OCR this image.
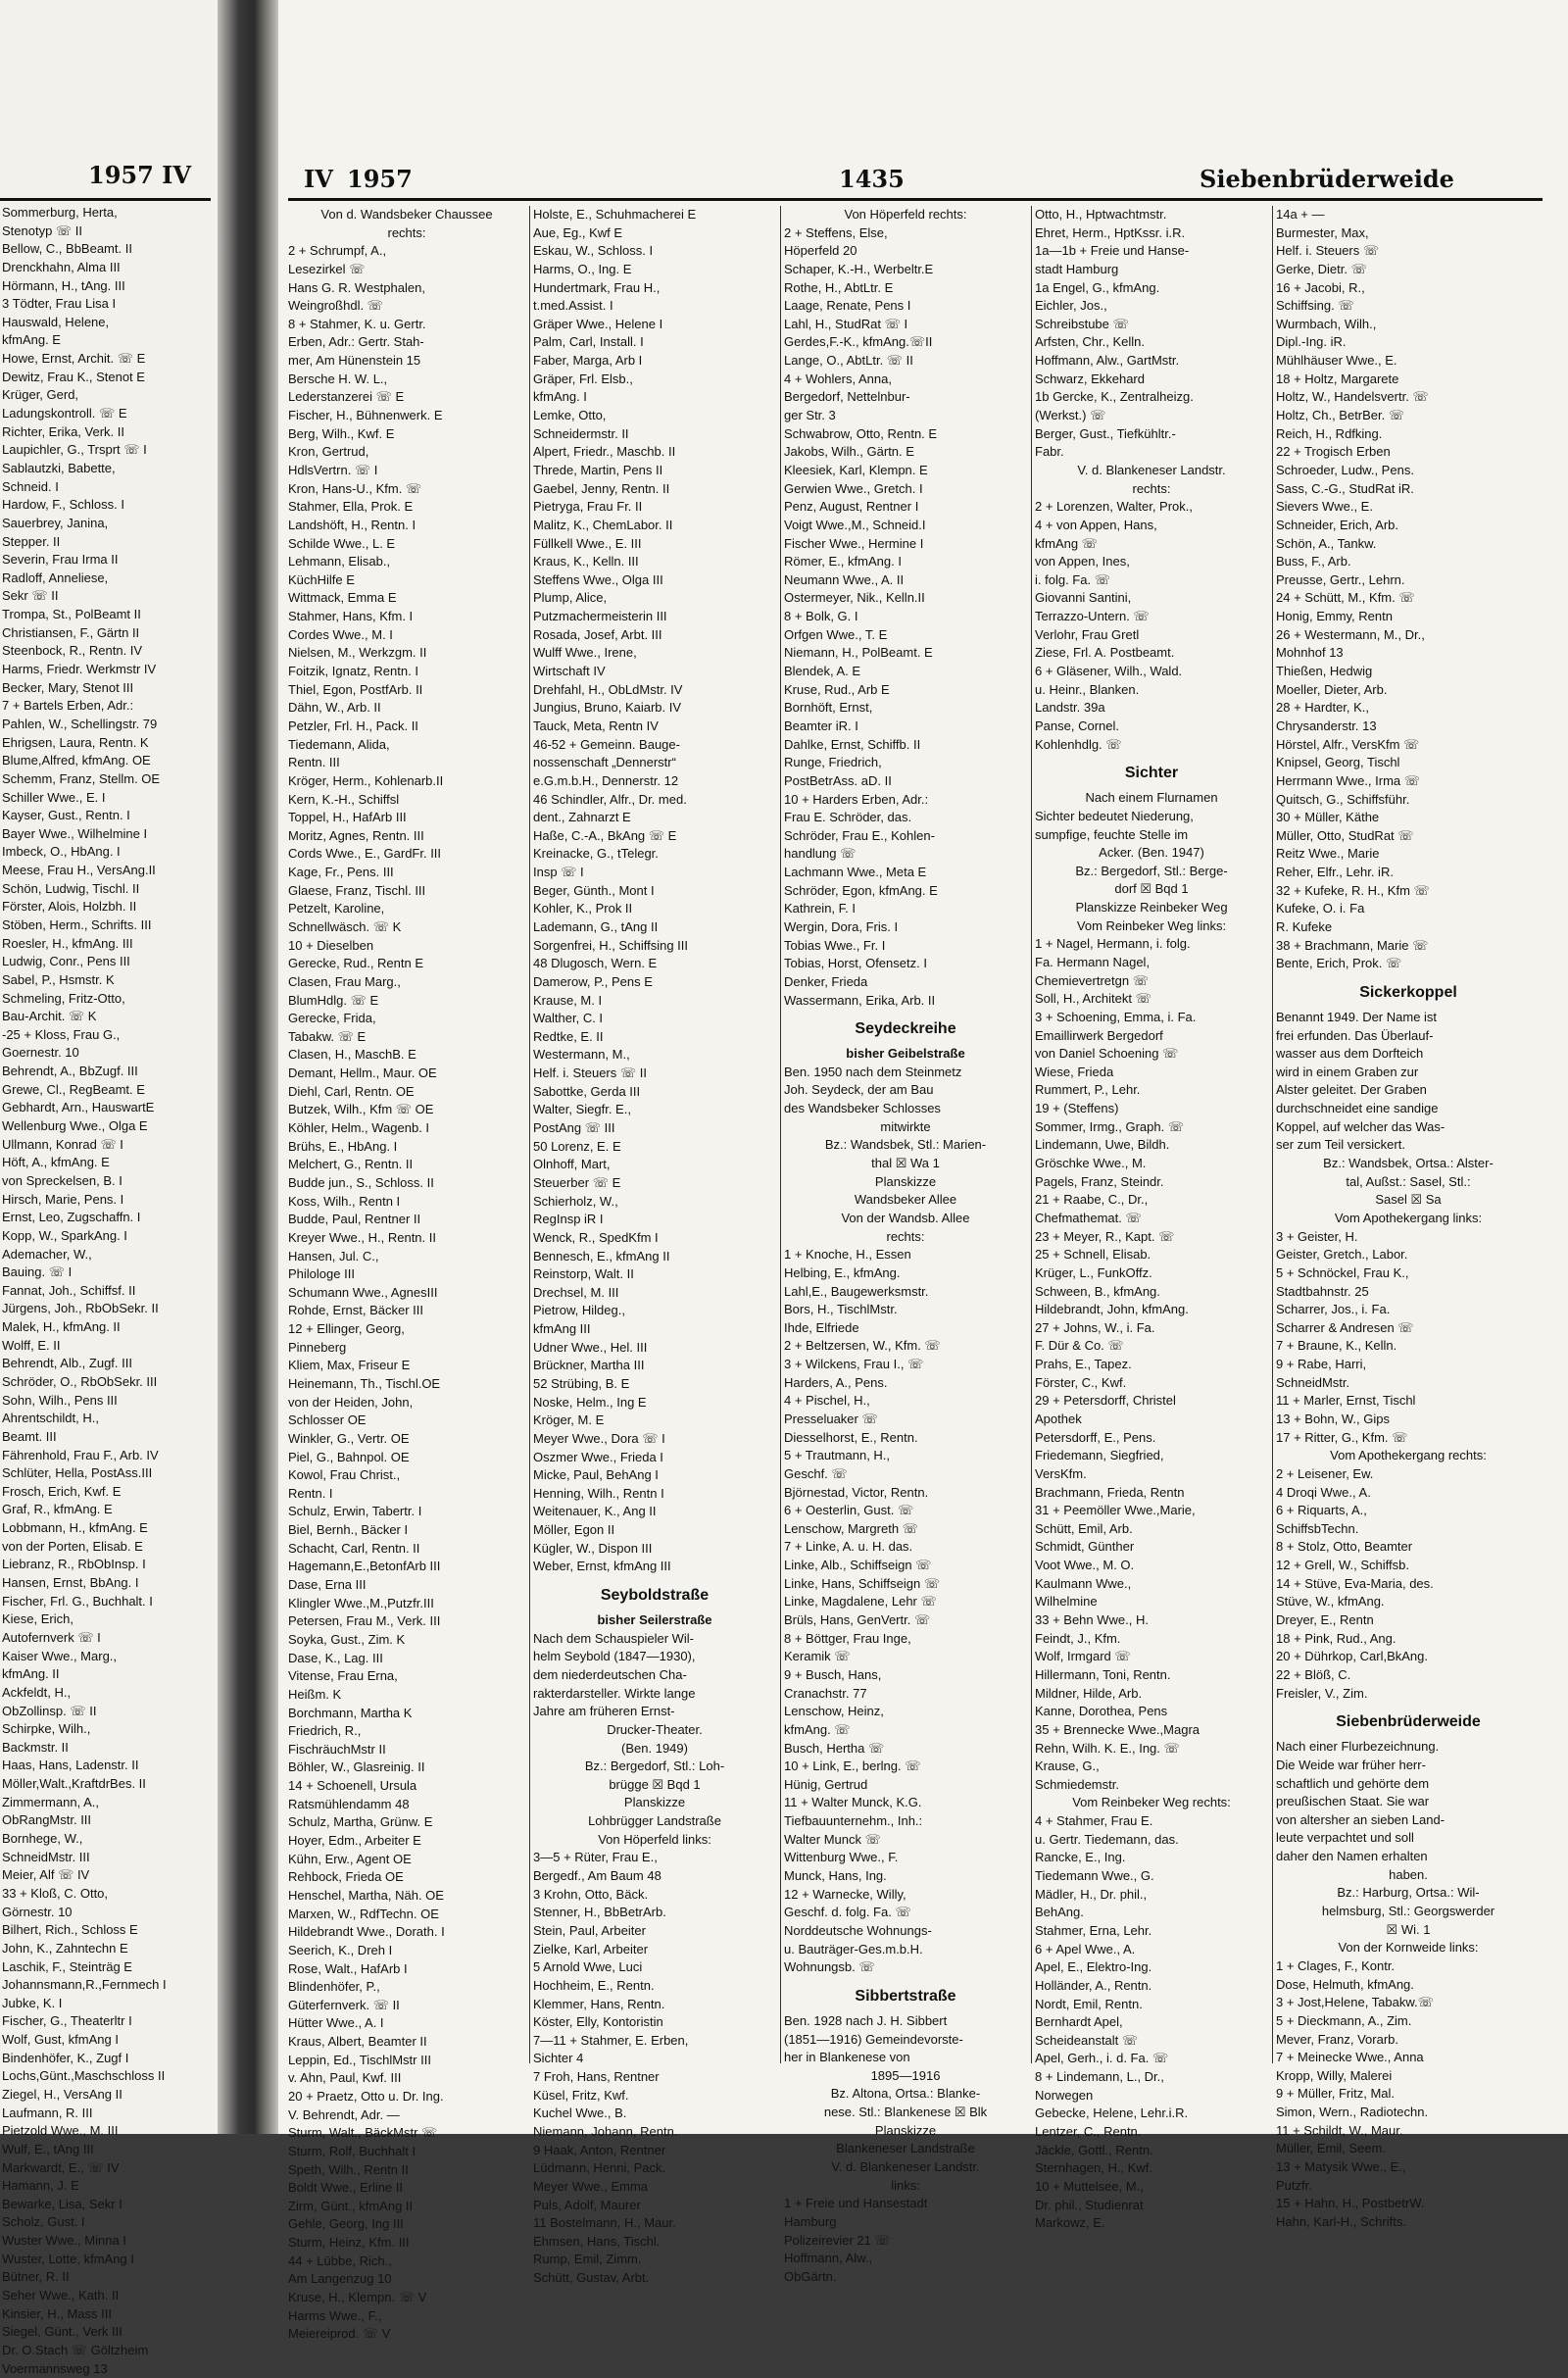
1957 IV
Sommerburg, Herta,
Stenotyp ☏ II
Bellow, C., BbBeamt. II
Drenckhahn, Alma III
Hörmann, H., tAng. III
3 Tödter, Frau Lisa I
Hauswald, Helene,
kfmAng. E
Howe, Ernst, Archit. ☏ E
Dewitz, Frau K., Stenot E
Krüger, Gerd,
Ladungskontroll. ☏ E
Richter, Erika, Verk. II
Laupichler, G., Trsprt ☏ I
Sablautzki, Babette,
Schneid. I
Hardow, F., Schloss. I
Sauerbrey, Janina,
Stepper. II
Severin, Frau Irma II
Radloff, Anneliese,
Sekr ☏ II
Trompa, St., PolBeamt II
Christiansen, F., Gärtn II
Steenbock, R., Rentn. IV
Harms, Friedr. Werkmstr IV
Becker, Mary, Stenot III
7 + Bartels Erben, Adr.:
Pahlen, W., Schellingstr. 79
Ehrigsen, Laura, Rentn. K
Blume,Alfred, kfmAng. OE
Schemm, Franz, Stellm. OE
Schiller Wwe., E. I
Kayser, Gust., Rentn. I
Bayer Wwe., Wilhelmine I
Imbeck, O., HbAng. I
Meese, Frau H., VersAng.II
Schön, Ludwig, Tischl. II
Förster, Alois, Holzbh. II
Stöben, Herm., Schrifts. III
Roesler, H., kfmAng. III
Ludwig, Conr., Pens III
Sabel, P., Hsmstr. K
Schmeling, Fritz-Otto,
Bau-Archit. ☏ K
-25 + Kloss, Frau G.,
Goernestr. 10
Behrendt, A., BbZugf. III
Grewe, Cl., RegBeamt. E
Gebhardt, Arn., HauswartE
Wellenburg Wwe., Olga E
Ullmann, Konrad ☏ I
Höft, A., kfmAng. E
von Spreckelsen, B. I
Hirsch, Marie, Pens. I
Ernst, Leo, Zugschaffn. I
Kopp, W., SparkAng. I
Ademacher, W.,
Bauing. ☏ I
Fannat, Joh., Schiffsf. II
Jürgens, Joh., RbObSekr. II
Malek, H., kfmAng. II
Wolff, E. II
Behrendt, Alb., Zugf. III
Schröder, O., RbObSekr. III
Sohn, Wilh., Pens III
Ahrentschildt, H.,
Beamt. III
Fährenhold, Frau F., Arb. IV
Schlüter, Hella, PostAss.III
Frosch, Erich, Kwf. E
Graf, R., kfmAng. E
Lobbmann, H., kfmAng. E
von der Porten, Elisab. E
Liebranz, R., RbObInsp. I
Hansen, Ernst, BbAng. I
Fischer, Frl. G., Buchhalt. I
Kiese, Erich,
Autofernverk ☏ I
Kaiser Wwe., Marg.,
kfmAng. II
Ackfeldt, H.,
ObZollinsp. ☏ II
Schirpke, Wilh.,
Backmstr. II
Haas, Hans, Ladenstr. II
Möller,Walt.,KraftdrBes. II
Zimmermann, A.,
ObRangMstr. III
Bornhege, W.,
SchneidMstr. III
Meier, Alf ☏ IV
33 + Kloß, C. Otto,
Görnestr. 10
Bilhert, Rich., Schloss E
John, K., Zahntechn E
Laschik, F., Steinträg E
Johannsmann,R.,Fernmech I
Jubke, K. I
Fischer, G., Theaterltr I
Wolf, Gust, kfmAng I
Bindenhöfer, K., Zugf I
Lochs,Günt.,Maschschloss II
Ziegel, H., VersAng II
Laufmann, R. III
Pietzold Wwe., M. III
Wulf, E., tAng III
Markwardt, E., ☏ IV
Hamann, J. E
Bewarke, Lisa, Sekr I
Scholz, Gust. I
Wuster Wwe., Minna I
Wuster, Lotte, kfmAng I
Bütner, R. II
Seher Wwe., Kath. II
Kinsier, H., Mass III
Siegel, Günt., Verk III
Dr. O.Stach ☏ Göltzheim
Voermannsweg 13
IV 1957	1435	Siebenbrüderweide
Von d. Wandsbeker Chaussee
rechts:
2 + Schrumpf, A.,
Lesezirkel ☏
Hans G. R. Westphalen,
Weingroßhdl. ☏
8 + Stahmer, K. u. Gertr.
Erben, Adr.: Gertr. Stah-
mer, Am Hünenstein 15
Bersche H. W. L.,
Lederstanzerei ☏ E
Fischer, H., Bühnenwerk. E
Berg, Wilh., Kwf. E
Kron, Gertrud,
HdlsVertrn. ☏ I
Kron, Hans-U., Kfm. ☏
Stahmer, Ella, Prok. E
Landshöft, H., Rentn. I
Schilde Wwe., L. E
Lehmann, Elisab.,
KüchHilfe E
Wittmack, Emma E
Stahmer, Hans, Kfm. I
Cordes Wwe., M. I
Nielsen, M., Werkzgm. II
Foitzik, Ignatz, Rentn. I
Thiel, Egon, PostfArb. II
Dähn, W., Arb. II
Petzler, Frl. H., Pack. II
Tiedemann, Alida,
Rentn. III
Kröger, Herm., Kohlenarb.II
Kern, K.-H., Schiffsl
Toppel, H., HafArb III
Moritz, Agnes, Rentn. III
Cords Wwe., E., GardFr. III
Kage, Fr., Pens. III
Glaese, Franz, Tischl. III
Petzelt, Karoline,
Schnellwäsch. ☏ K
10 + Dieselben
Gerecke, Rud., Rentn E
Clasen, Frau Marg.,
BlumHdlg. ☏ E
Gerecke, Frida,
Tabakw. ☏ E
Clasen, H., MaschB. E
Demant, Hellm., Maur. OE
Diehl, Carl, Rentn. OE
Butzek, Wilh., Kfm ☏ OE
Köhler, Helm., Wagenb. I
Brühs, E., HbAng. I
Melchert, G., Rentn. II
Budde jun., S., Schloss. II
Koss, Wilh., Rentn I
Budde, Paul, Rentner II
Kreyer Wwe., H., Rentn. II
Hansen, Jul. C.,
Philologe III
Schumann Wwe., AgnesIII
Rohde, Ernst, Bäcker III
12 + Ellinger, Georg,
Pinneberg
Kliem, Max, Friseur E
Heinemann, Th., Tischl.OE
von der Heiden, John,
Schlosser OE
Winkler, G., Vertr. OE
Piel, G., Bahnpol. OE
Kowol, Frau Christ.,
Rentn. I
Schulz, Erwin, Tabertr. I
Biel, Bernh., Bäcker I
Schacht, Carl, Rentn. II
Hagemann,E.,BetonfArb III
Dase, Erna III
Klingler Wwe.,M.,Putzfr.III
Petersen, Frau M., Verk. III
Soyka, Gust., Zim. K
Dase, K., Lag. III
Vitense, Frau Erna,
Heißm. K
Borchmann, Martha K
Friedrich, R.,
FischräuchMstr II
Böhler, W., Glasreinig. II
14 + Schoenell, Ursula
Ratsmühlendamm 48
Schulz, Martha, Grünw. E
Hoyer, Edm., Arbeiter E
Kühn, Erw., Agent OE
Rehbock, Frieda OE
Henschel, Martha, Näh. OE
Marxen, W., RdfTechn. OE
Hildebrandt Wwe., Dorath. I
Seerich, K., Dreh I
Rose, Walt., HafArb I
Blindenhöfer, P.,
Güterfernverk. ☏ II
Hütter Wwe., A. I
Kraus, Albert, Beamter II
Leppin, Ed., TischlMstr III
v. Ahn, Paul, Kwf. III
20 + Praetz, Otto u. Dr. Ing.
V. Behrendt, Adr. —
Sturm, Walt., BäckMstr ☏
Sturm, Rolf, Buchhalt I
Speth, Wilh., Rentn II
Boldt Wwe., Erline II
Zirm, Günt., kfmAng II
Gehle, Georg, Ing III
Sturm, Heinz, Kfm. III
44 + Lübbe, Rich.,
Am Langenzug 10
Kruse, H., Klempn. ☏ V
Harms Wwe., F.,
Meiereiprod. ☏ V
Holste, E., Schuhmacherei E
Aue, Eg., Kwf E
Eskau, W., Schloss. I
Harms, O., Ing. E
Hundertmark, Frau H.,
t.med.Assist. I
Gräper Wwe., Helene I
Palm, Carl, Install. I
Faber, Marga, Arb I
Gräper, Frl. Elsb.,
kfmAng. I
Lemke, Otto,
Schneidermstr. II
Alpert, Friedr., Maschb. II
Threde, Martin, Pens II
Gaebel, Jenny, Rentn. II
Pietryga, Frau Fr. II
Malitz, K., ChemLabor. II
Füllkell Wwe., E. III
Kraus, K., Kelln. III
Steffens Wwe., Olga III
Plump, Alice,
Putzmachermeisterin III
Rosada, Josef, Arbt. III
Wulff Wwe., Irene,
Wirtschaft IV
Drehfahl, H., ObLdMstr. IV
Jungius, Bruno, Kaiarb. IV
Tauck, Meta, Rentn IV
46-52 + Gemeinn. Bauge-
nossenschaft „Dennerstr“
e.G.m.b.H., Dennerstr. 12
46 Schindler, Alfr., Dr. med.
dent., Zahnarzt E
Haße, C.-A., BkAng ☏ E
Kreinacke, G., tTelegr.
Insp ☏ I
Beger, Günth., Mont I
Kohler, K., Prok II
Lademann, G., tAng II
Sorgenfrei, H., Schiffsing III
48 Dlugosch, Wern. E
Damerow, P., Pens E
Krause, M. I
Walther, C. I
Redtke, E. II
Westermann, M.,
Helf. i. Steuers ☏ II
Sabottke, Gerda III
Walter, Siegfr. E.,
PostAng ☏ III
50 Lorenz, E. E
Olnhoff, Mart,
Steuerber ☏ E
Schierholz, W.,
RegInsp iR I
Wenck, R., SpedKfm I
Bennesch, E., kfmAng II
Reinstorp, Walt. II
Drechsel, M. III
Pietrow, Hildeg.,
kfmAng III
Udner Wwe., Hel. III
Brückner, Martha III
52 Strübing, B. E
Noske, Helm., Ing E
Kröger, M. E
Meyer Wwe., Dora ☏ I
Oszmer Wwe., Frieda I
Micke, Paul, BehAng I
Henning, Wilh., Rentn I
Weitenauer, K., Ang II
Möller, Egon II
Kügler, W., Dispon III
Weber, Ernst, kfmAng III
Seyboldstraße
bisher Seilerstraße
Nach dem Schauspieler Wil-
helm Seybold (1847—1930),
dem niederdeutschen Cha-
rakterdarsteller. Wirkte lange
Jahre am früheren Ernst-
Drucker-Theater.
(Ben. 1949)
Bz.: Bergedorf, Stl.: Loh-
brügge ☒ Bqd 1
Planskizze
Lohbrügger Landstraße
Von Höperfeld links:
3—5 + Rüter, Frau E.,
Bergedf., Am Baum 48
3 Krohn, Otto, Bäck.
Stenner, H., BbBetrArb.
Stein, Paul, Arbeiter
Zielke, Karl, Arbeiter
5 Arnold Wwe, Luci
Hochheim, E., Rentn.
Klemmer, Hans, Rentn.
Köster, Elly, Kontoristin
7—11 + Stahmer, E. Erben,
Sichter 4
7 Froh, Hans, Rentner
Küsel, Fritz, Kwf.
Kuchel Wwe., B.
Niemann, Johann, Rentn.
9 Haak, Anton, Rentner
Lüdmann, Henni, Pack.
Meyer Wwe., Emma
Puls, Adolf, Maurer
11 Bostelmann, H., Maur.
Ehmsen, Hans, Tischl.
Rump, Emil, Zimm.
Schütt, Gustav, Arbt.
Von Höperfeld rechts:
2 + Steffens, Else,
Höperfeld 20
Schaper, K.-H., Werbeltr.E
Rothe, H., AbtLtr. E
Laage, Renate, Pens I
Lahl, H., StudRat ☏ I
Gerdes,F.-K., kfmAng.☏II
Lange, O., AbtLtr. ☏ II
4 + Wohlers, Anna,
Bergedorf, Nettelnbur-
ger Str. 3
Schwabrow, Otto, Rentn. E
Jakobs, Wilh., Gärtn. E
Kleesiek, Karl, Klempn. E
Gerwien Wwe., Gretch. I
Penz, August, Rentner I
Voigt Wwe.,M., Schneid.I
Fischer Wwe., Hermine I
Römer, E., kfmAng. I
Neumann Wwe., A. II
Ostermeyer, Nik., Kelln.II
8 + Bolk, G. I
Orfgen Wwe., T. E
Niemann, H., PolBeamt. E
Blendek, A. E
Kruse, Rud., Arb E
Bornhöft, Ernst,
Beamter iR. I
Dahlke, Ernst, Schiffb. II
Runge, Friedrich,
PostBetrAss. aD. II
10 + Harders Erben, Adr.:
Frau E. Schröder, das.
Schröder, Frau E., Kohlen-
handlung ☏
Lachmann Wwe., Meta E
Schröder, Egon, kfmAng. E
Kathrein, F. I
Wergin, Dora, Fris. I
Tobias Wwe., Fr. I
Tobias, Horst, Ofensetz. I
Denker, Frieda
Wassermann, Erika, Arb. II
Seydeckreihe
bisher Geibelstraße
Ben. 1950 nach dem Steinmetz
Joh. Seydeck, der am Bau
des Wandsbeker Schlosses
mitwirkte
Bz.: Wandsbek, Stl.: Marien-
thal ☒ Wa 1
Planskizze
Wandsbeker Allee
Von der Wandsb. Allee
rechts:
1 + Knoche, H., Essen
Helbing, E., kfmAng.
Lahl,E., Baugewerksmstr.
Bors, H., TischlMstr.
Ihde, Elfriede
2 + Beltzersen, W., Kfm. ☏
3 + Wilckens, Frau I., ☏
Harders, A., Pens.
4 + Pischel, H.,
Presseluaker ☏
Diesselhorst, E., Rentn.
5 + Trautmann, H.,
Geschf. ☏
Björnestad, Victor, Rentn.
6 + Oesterlin, Gust. ☏
Lenschow, Margreth ☏
7 + Linke, A. u. H. das.
Linke, Alb., Schiffseign ☏
Linke, Hans, Schiffseign ☏
Linke, Magdalene, Lehr ☏
Brüls, Hans, GenVertr. ☏
8 + Böttger, Frau Inge,
Keramik ☏
9 + Busch, Hans,
Cranachstr. 77
Lenschow, Heinz,
kfmAng. ☏
Busch, Hertha ☏
10 + Link, E., berlng. ☏
Hünig, Gertrud
11 + Walter Munck, K.G.
Tiefbauunternehm., Inh.:
Walter Munck ☏
Wittenburg Wwe., F.
Munck, Hans, Ing.
12 + Warnecke, Willy,
Geschf. d. folg. Fa. ☏
Norddeutsche Wohnungs-
u. Bauträger-Ges.m.b.H.
Wohnungsb. ☏
Sibbertstraße
Ben. 1928 nach J. H. Sibbert
(1851—1916) Gemeindevorste-
her in Blankenese von
1895—1916
Bz. Altona, Ortsa.: Blanke-
nese. Stl.: Blankenese ☒ Blk
Planskizze
Blankeneser Landstraße
V. d. Blankeneser Landstr.
links:
1 + Freie und Hansestadt
Hamburg
Polizeirevier 21 ☏
Hoffmann, Alw.,
ObGärtn.
Otto, H., Hptwachtmstr.
Ehret, Herm., HptKssr. i.R.
1a—1b + Freie und Hanse-
stadt Hamburg
1a Engel, G., kfmAng.
Eichler, Jos.,
Schreibstube ☏
Arfsten, Chr., Kelln.
Hoffmann, Alw., GartMstr.
Schwarz, Ekkehard
1b Gercke, K., Zentralheizg.
(Werkst.) ☏
Berger, Gust., Tiefkühltr.-
Fabr.
V. d. Blankeneser Landstr.
rechts:
2 + Lorenzen, Walter, Prok.,
4 + von Appen, Hans,
kfmAng ☏
von Appen, Ines,
i. folg. Fa. ☏
Giovanni Santini,
Terrazzo-Untern. ☏
Verlohr, Frau Gretl
Ziese, Frl. A. Postbeamt.
6 + Gläsener, Wilh., Wald.
u. Heinr., Blanken.
Landstr. 39a
Panse, Cornel.
Kohlenhdlg. ☏
Sichter
Nach einem Flurnamen
Sichter bedeutet Niederung,
sumpfige, feuchte Stelle im
Acker. (Ben. 1947)
Bz.: Bergedorf, Stl.: Berge-
dorf ☒ Bqd 1
Planskizze Reinbeker Weg
Vom Reinbeker Weg links:
1 + Nagel, Hermann, i. folg.
Fa. Hermann Nagel,
Chemievertretgn ☏
Soll, H., Architekt ☏
3 + Schoening, Emma, i. Fa.
Emaillirwerk Bergedorf
von Daniel Schoening ☏
Wiese, Frieda
Rummert, P., Lehr.
19 + (Steffens)
Sommer, Irmg., Graph. ☏
Lindemann, Uwe, Bildh.
Gröschke Wwe., M.
Pagels, Franz, Steindr.
21 + Raabe, C., Dr.,
Chefmathemat. ☏
23 + Meyer, R., Kapt. ☏
25 + Schnell, Elisab.
Krüger, L., FunkOffz.
Schween, B., kfmAng.
Hildebrandt, John, kfmAng.
27 + Johns, W., i. Fa.
F. Dür & Co. ☏
Prahs, E., Tapez.
Förster, C., Kwf.
29 + Petersdorff, Christel
Apothek
Petersdorff, E., Pens.
Friedemann, Siegfried,
VersKfm.
Brachmann, Frieda, Rentn
31 + Peemöller Wwe.,Marie,
Schütt, Emil, Arb.
Schmidt, Günther
Voot Wwe., M. O.
Kaulmann Wwe.,
Wilhelmine
33 + Behn Wwe., H.
Feindt, J., Kfm.
Wolf, Irmgard ☏
Hillermann, Toni, Rentn.
Mildner, Hilde, Arb.
Kanne, Dorothea, Pens
35 + Brennecke Wwe.,Magra
Rehn, Wilh. K. E., Ing. ☏
Krause, G.,
Schmiedemstr.
Vom Reinbeker Weg rechts:
4 + Stahmer, Frau E.
u. Gertr. Tiedemann, das.
Rancke, E., Ing.
Tiedemann Wwe., G.
Mädler, H., Dr. phil.,
BehAng.
Stahmer, Erna, Lehr.
6 + Apel Wwe., A.
Apel, E., Elektro-Ing.
Holländer, A., Rentn.
Nordt, Emil, Rentn.
Bernhardt Apel,
Scheideanstalt ☏
Apel, Gerh., i. d. Fa. ☏
8 + Lindemann, L., Dr.,
Norwegen
Gebecke, Helene, Lehr.i.R.
Lentzer, C., Rentn.
Jäckle, Gottl., Rentn.
Sternhagen, H., Kwf.
10 + Muttelsee, M.,
Dr. phil., Studienrat
Markowz, E.
14a + —
Burmester, Max,
Helf. i. Steuers ☏
Gerke, Dietr. ☏
16 + Jacobi, R.,
Schiffsing. ☏
Wurmbach, Wilh.,
Dipl.-Ing. iR.
Mühlhäuser Wwe., E.
18 + Holtz, Margarete
Holtz, W., Handelsvertr. ☏
Holtz, Ch., BetrBer. ☏
Reich, H., Rdfking.
22 + Trogisch Erben
Schroeder, Ludw., Pens.
Sass, C.-G., StudRat iR.
Sievers Wwe., E.
Schneider, Erich, Arb.
Schön, A., Tankw.
Buss, F., Arb.
Preusse, Gertr., Lehrn.
24 + Schütt, M., Kfm. ☏
Honig, Emmy, Rentn
26 + Westermann, M., Dr.,
Mohnhof 13
Thießen, Hedwig
Moeller, Dieter, Arb.
28 + Hardter, K.,
Chrysanderstr. 13
Hörstel, Alfr., VersKfm ☏
Knipsel, Georg, Tischl
Herrmann Wwe., Irma ☏
Quitsch, G., Schiffsführ.
30 + Müller, Käthe
Müller, Otto, StudRat ☏
Reitz Wwe., Marie
Reher, Elfr., Lehr. iR.
32 + Kufeke, R. H., Kfm ☏
Kufeke, O. i. Fa
R. Kufeke
38 + Brachmann, Marie ☏
Bente, Erich, Prok. ☏
Sickerkoppel
Benannt 1949. Der Name ist
frei erfunden. Das Überlauf-
wasser aus dem Dorfteich
wird in einem Graben zur
Alster geleitet. Der Graben
durchschneidet eine sandige
Koppel, auf welcher das Was-
ser zum Teil versickert.
Bz.: Wandsbek, Ortsa.: Alster-
tal, Außst.: Sasel, Stl.:
Sasel ☒ Sa
Vom Apothekergang links:
3 + Geister, H.
Geister, Gretch., Labor.
5 + Schnöckel, Frau K.,
Stadtbahnstr. 25
Scharrer, Jos., i. Fa.
Scharrer & Andresen ☏
7 + Braune, K., Kelln.
9 + Rabe, Harri,
SchneidMstr.
11 + Marler, Ernst, Tischl
13 + Bohn, W., Gips
17 + Ritter, G., Kfm. ☏
Vom Apothekergang rechts:
2 + Leisener, Ew.
4 Droqi Wwe., A.
6 + Riquarts, A.,
SchiffsbTechn.
8 + Stolz, Otto, Beamter
12 + Grell, W., Schiffsb.
14 + Stüve, Eva-Maria, des.
Stüve, W., kfmAng.
Dreyer, E., Rentn
18 + Pink, Rud., Ang.
20 + Dührkop, Carl,BkAng.
22 + Blöß, C.
Freisler, V., Zim.
Siebenbrüderweide
Nach einer Flurbezeichnung.
Die Weide war früher herr-
schaftlich und gehörte dem
preußischen Staat. Sie war
von altersher an sieben Land-
leute verpachtet und soll
daher den Namen erhalten
haben.
Bz.: Harburg, Ortsa.: Wil-
helmsburg, Stl.: Georgswerder
☒ Wi. 1
Von der Kornweide links:
1 + Clages, F., Kontr.
Dose, Helmuth, kfmAng.
3 + Jost,Helene, Tabakw.☏
5 + Dieckmann, A., Zim.
Mever, Franz, Vorarb.
7 + Meinecke Wwe., Anna
Kropp, Willy, Malerei
9 + Müller, Fritz, Mal.
Simon, Wern., Radiotechn.
11 + Schildt, W., Maur.
Müller, Emil, Seem.
13 + Matysik Wwe., E.,
Putzfr.
15 + Hahn, H., PostbetrW.
Hahn, Karl-H., Schrifts.
